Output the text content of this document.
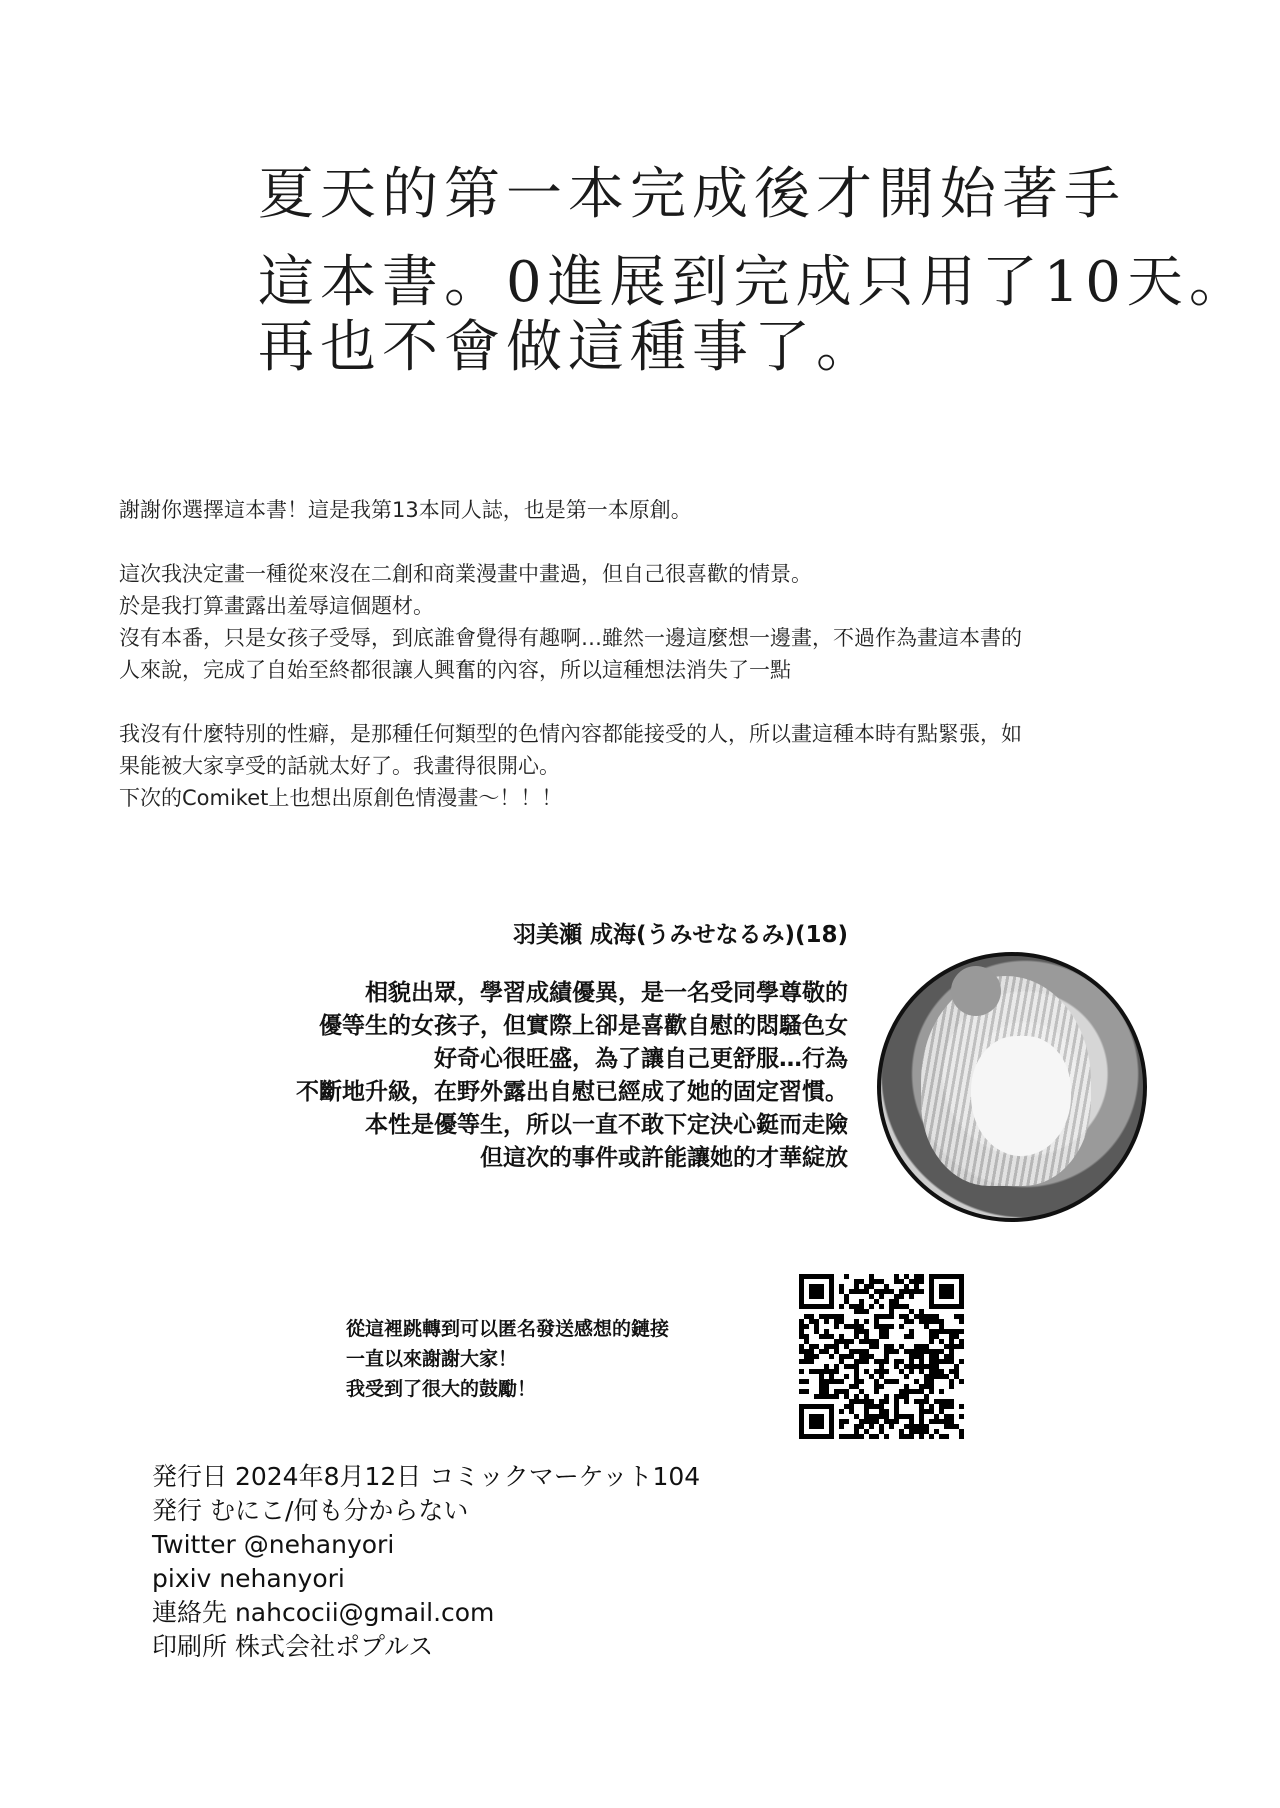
夏天的第一本完成後才開始著手
這本書。0進展到完成只用了10天。
再也不會做這種事了。

謝謝你選擇這本書！這是我第13本同人誌，也是第一本原創。

這次我決定畫一種從來沒在二創和商業漫畫中畫過，但自己很喜歡的情景。
於是我打算畫露出羞辱這個題材。
沒有本番，只是女孩子受辱，到底誰會覺得有趣啊…雖然一邊這麼想一邊畫，不過作為畫這本書的
人來說，完成了自始至終都很讓人興奮的內容，所以這種想法消失了一點

我沒有什麼特別的性癖，是那種任何類型的色情內容都能接受的人，所以畫這種本時有點緊張，如
果能被大家享受的話就太好了。我畫得很開心。
下次的Comiket上也想出原創色情漫畫～！！！

羽美瀬 成海(うみせなるみ)(18)
相貌出眾，學習成績優異，是一名受同學尊敬的
優等生的女孩子，但實際上卻是喜歡自慰的悶騷色女
好奇心很旺盛，為了讓自己更舒服…行為
不斷地升級，在野外露出自慰已經成了她的固定習慣。
本性是優等生，所以一直不敢下定決心鋌而走險
但這次的事件或許能讓她的才華綻放
從這裡跳轉到可以匿名發送感想的鏈接
一直以來謝謝大家！
我受到了很大的鼓勵！
発行日 2024年8月12日 コミックマーケット104
発行 むにこ/何も分からない
Twitter @nehanyori
pixiv nehanyori
連絡先 nahcocii@gmail.com
印刷所 株式会社ポプルス
